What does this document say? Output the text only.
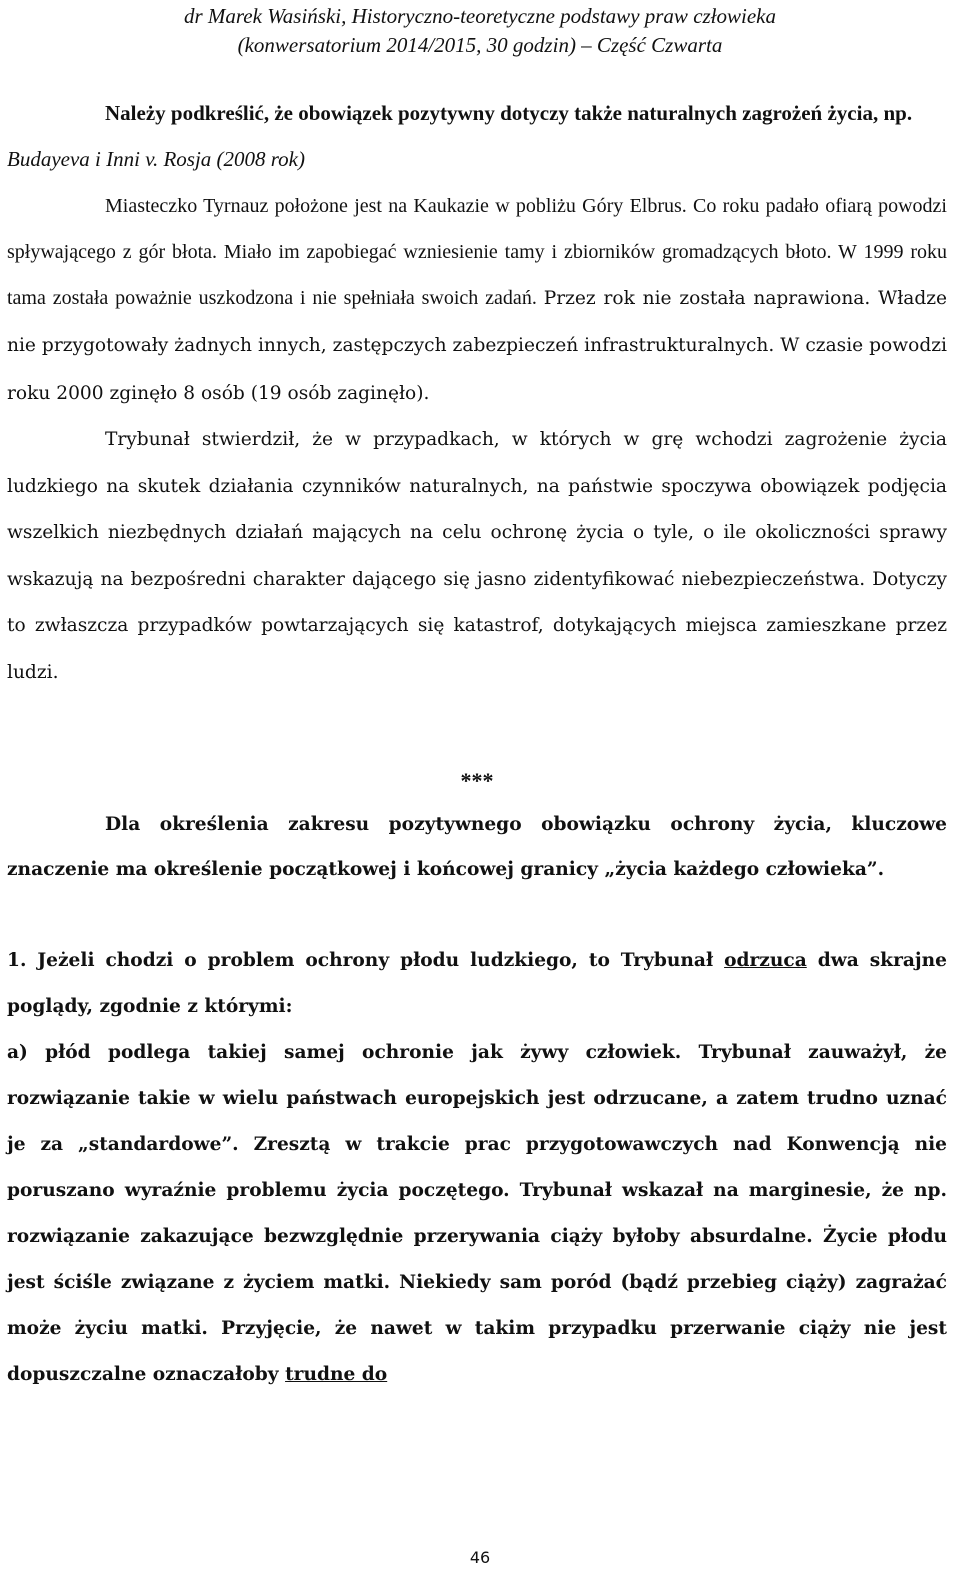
dr Marek Wasiński, Historyczno-teoretyczne podstawy praw człowieka
(konwersatorium 2014/2015, 30 godzin) – Część Czwarta

Należy podkreślić, że obowiązek pozytywny dotyczy także naturalnych zagrożeń życia, np.

Budayeva i Inni v. Rosja (2008 rok)

Miasteczko Tyrnauz położone jest na Kaukazie w pobliżu Góry Elbrus. Co roku padało ofiarą powodzi spływającego z gór błota. Miało im zapobiegać wzniesienie tamy i zbiorników gromadzących błoto. W 1999 roku tama została poważnie uszkodzona i nie spełniała swoich zadań. Przez rok nie została naprawiona. Władze nie przygotowały żadnych innych, zastępczych zabezpieczeń infrastrukturalnych. W czasie powodzi roku 2000 zginęło 8 osób (19 osób zaginęło).

Trybunał stwierdził, że w przypadkach, w których w grę wchodzi zagrożenie życia ludzkiego na skutek działania czynników naturalnych, na państwie spoczywa obowiązek podjęcia wszelkich niezbędnych działań mających na celu ochronę życia o tyle, o ile okoliczności sprawy wskazują na bezpośredni charakter dającego się jasno zidentyfikować niebezpieczeństwa. Dotyczy to zwłaszcza przypadków powtarzających się katastrof, dotykających miejsca zamieszkane przez ludzi.

***

Dla określenia zakresu pozytywnego obowiązku ochrony życia, kluczowe znaczenie ma określenie początkowej i końcowej granicy „życia każdego człowieka”.

1. Jeżeli chodzi o problem ochrony płodu ludzkiego, to Trybunał odrzuca dwa skrajne poglądy, zgodnie z którymi:

a) płód podlega takiej samej ochronie jak żywy człowiek. Trybunał zauważył, że rozwiązanie takie w wielu państwach europejskich jest odrzucane, a zatem trudno uznać je za „standardowe”. Zresztą w trakcie prac przygotowawczych nad Konwencją nie poruszano wyraźnie problemu życia poczętego. Trybunał wskazał na marginesie, że np. rozwiązanie zakazujące bezwzględnie przerywania ciąży byłoby absurdalne. Życie płodu jest ściśle związane z życiem matki. Niekiedy sam poród (bądź przebieg ciąży) zagrażać może życiu matki. Przyjęcie, że nawet w takim przypadku przerwanie ciąży nie jest dopuszczalne oznaczałoby trudne do

46
